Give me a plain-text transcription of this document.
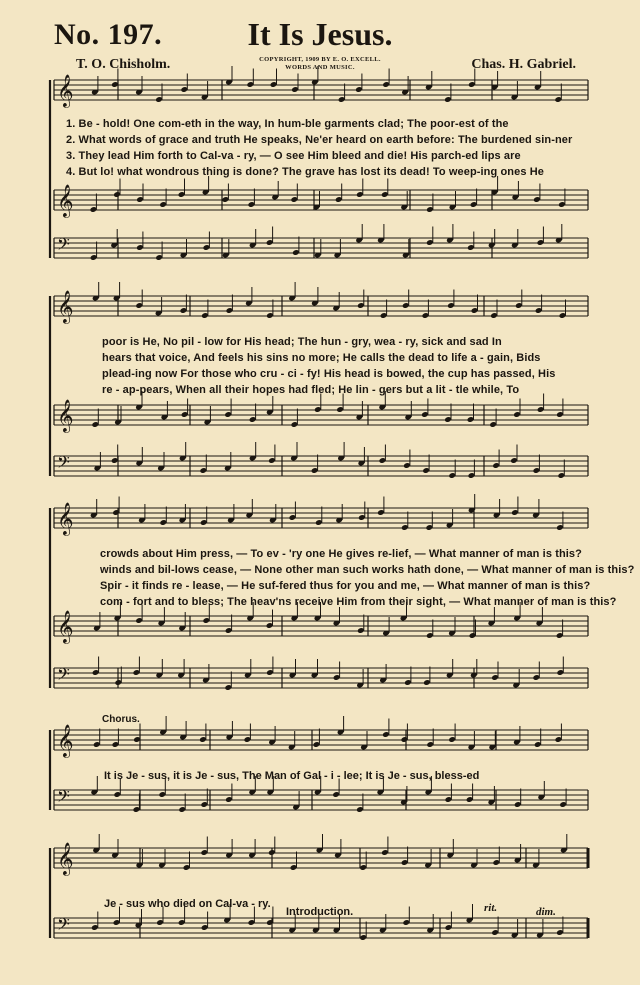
No. 197.	It Is Jesus.
T. O. Chisholm.	Chas. H. Gabriel.
COPYRIGHT, 1909 BY E. O. EXCELL.
WORDS AND MUSIC.
𝄞
𝄞
𝄢
𝄞
𝄞
𝄢
𝄞
𝄞
𝄢
𝄞
𝄢
𝄞
𝄢
1. Be - hold! One com-eth in the way, In hum-ble garments clad; The poor-est of the
2. What words of grace and truth He speaks, Ne'er heard on earth before: The burdened sin-ner
3. They lead Him forth to Cal-va - ry, — O see Him bleed and die! His parch-ed lips are
4. But lo! what wondrous thing is done? The grave has lost its dead! To weep-ing ones He
poor is He, No pil - low for His head; The hun - gry, wea - ry, sick and sad In
hears that voice, And feels his sins no more; He calls the dead to life a - gain, Bids
plead-ing now For those who cru - ci - fy! His head is bowed, the cup has passed, His
re - ap-pears, When all their hopes had fled; He lin - gers but a lit - tle while, To
crowds about Him press, — To ev - 'ry one He gives re-lief, — What manner of man is this?
winds and bil-lows cease, — None other man such works hath done, — What manner of man is this?
Spir - it finds re - lease, — He suf-fered thus for you and me, — What manner of man is this?
com - fort and to bless; The heav'ns receive Him from their sight, — What manner of man is this?
Chorus.
It is Je - sus, it is Je - sus, The Man of Gal - i - lee; It is Je - sus, bless-ed
Je - sus who died on Cal-va - ry.
Introduction.	rit.	dim.
